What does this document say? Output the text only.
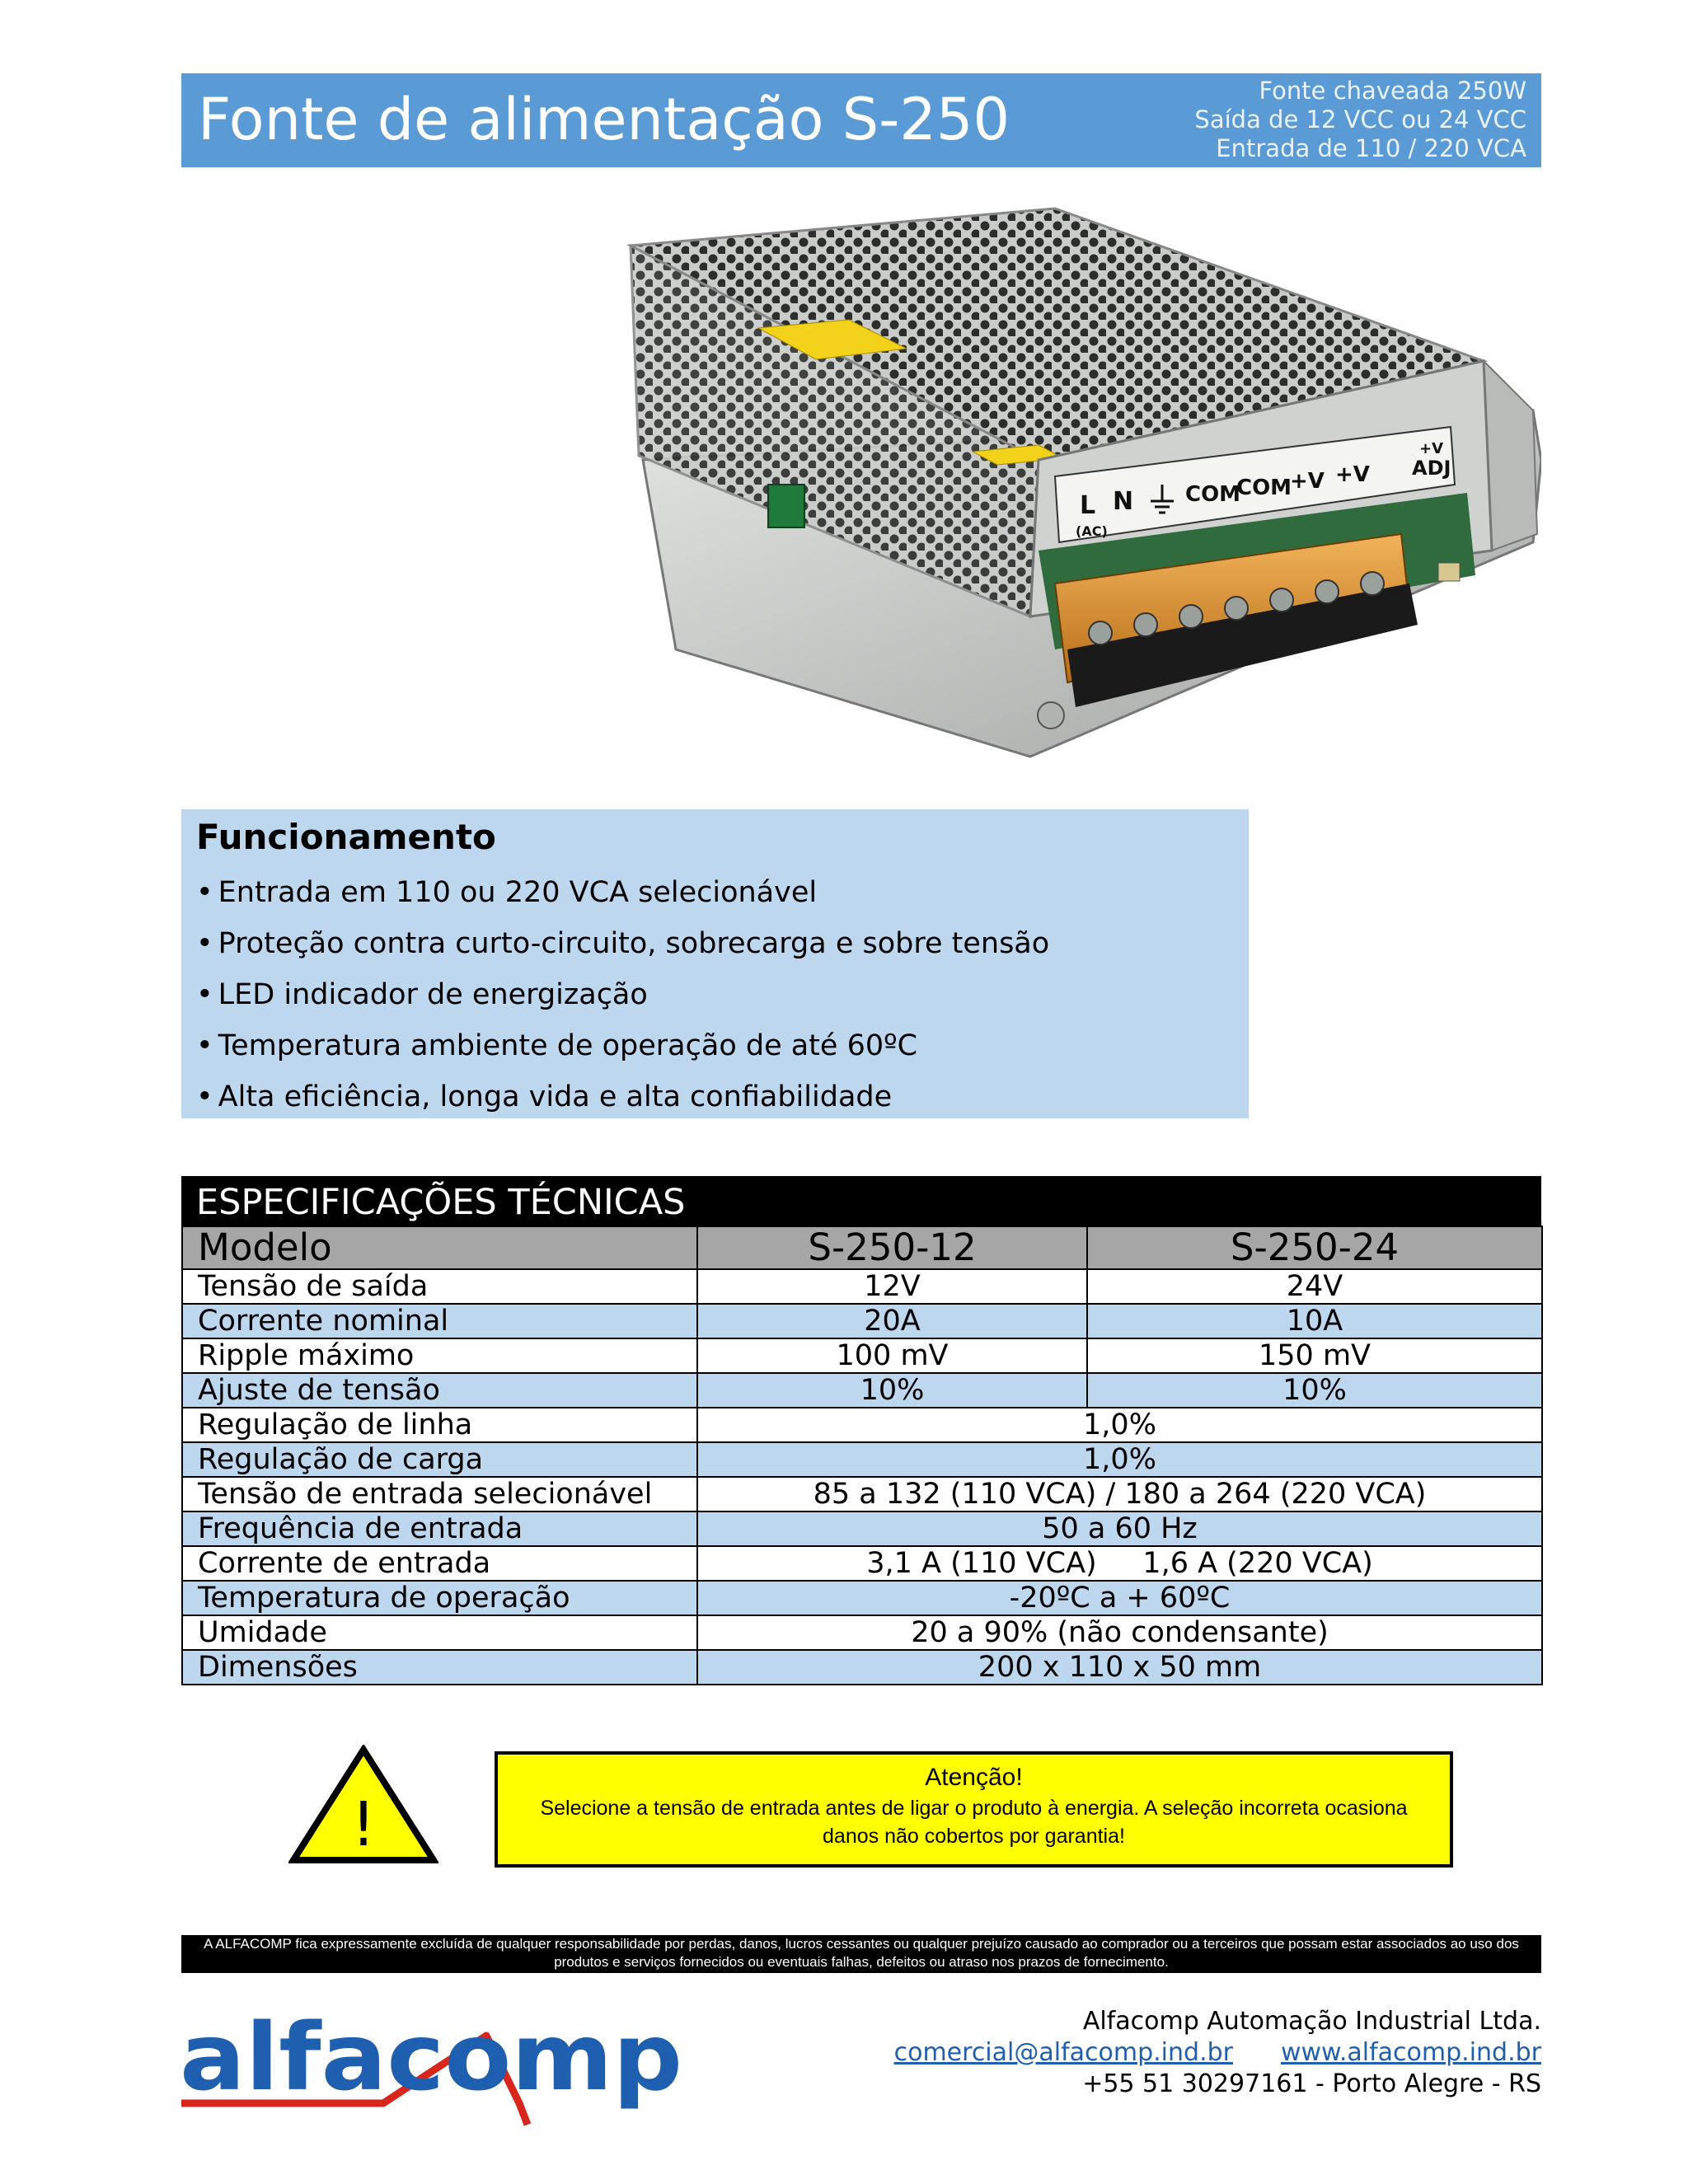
Fonte de alimentação S-250	Fonte chaveada 250W
Saída de 12 VCC ou 24 VCC
Entrada de 110 / 220 VCA
L N
(AC)
COM
COM
+V +V
+V
ADJ
Funcionamento
• Entrada em 110 ou 220 VCA selecionável
• Proteção contra curto-circuito, sobrecarga e sobre tensão
• LED indicador de energização
• Temperatura ambiente de operação de até 60ºC
• Alta eficiência, longa vida e alta confiabilidade
ESPECIFICAÇÕES TÉCNICAS
Modelo	S-250-12	S-250-24
Tensão de saída	12V	24V
Corrente nominal	20A	10A
Ripple máximo	100 mV	150 mV
Ajuste de tensão	10%	10%
Regulação de linha	1,0%	
Regulação de carga	1,0%	
Tensão de entrada selecionável	85 a 132 (110 VCA) / 180 a 264 (220 VCA)	
Frequência de entrada	50 a 60 Hz	
Corrente de entrada	3,1 A (110 VCA)     1,6 A (220 VCA)	
Temperatura de operação	-20ºC a + 60ºC	
Umidade	20 a 90% (não condensante)	
Dimensões	200 x 110 x 50 mm	
!
Atenção!
Selecione a tensão de entrada antes de ligar o produto à energia. A seleção incorreta ocasiona danos não cobertos por garantia!
A ALFACOMP fica expressamente excluída de qualquer responsabilidade por perdas, danos, lucros cessantes ou qualquer prejuízo causado ao comprador ou a terceiros que possam estar associados ao uso dos produtos e serviços fornecidos ou eventuais falhas, defeitos ou atraso nos prazos de fornecimento.
alfacomp	Alfacomp Automação Industrial Ltda.
comercial@alfacomp.ind.br www.alfacomp.ind.br
+55 51 30297161 - Porto Alegre - RS
